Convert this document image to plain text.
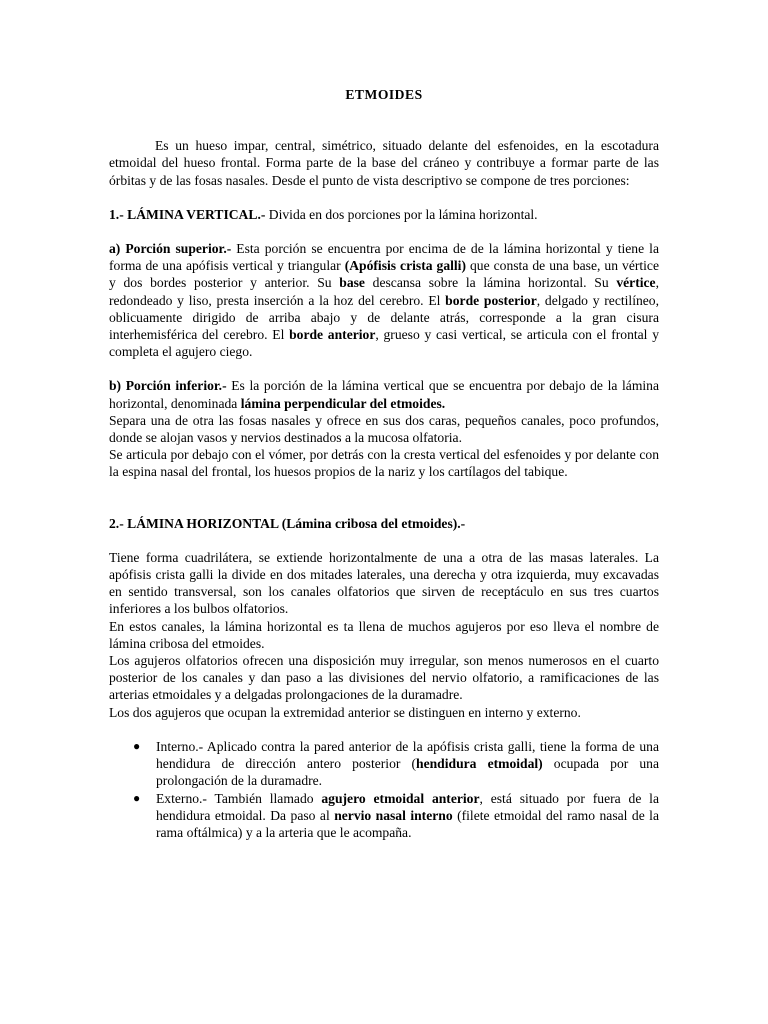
ETMOIDES

Es un hueso impar, central, simétrico, situado delante del esfenoides, en la escotadura etmoidal del hueso frontal. Forma parte de la base del cráneo y contribuye a formar parte de las órbitas y de las fosas nasales. Desde el punto de vista descriptivo se compone de tres porciones:

1.- LÁMINA VERTICAL.- Divida en dos porciones por la lámina horizontal.

a) Porción superior.- Esta porción se encuentra por encima de de la lámina horizontal y tiene la forma de una apófisis vertical y triangular (Apófisis crista galli) que consta de una base, un vértice y dos bordes posterior y anterior. Su base descansa sobre la lámina horizontal. Su vértice, redondeado y liso, presta inserción a la hoz del cerebro. El borde posterior, delgado y rectilíneo, oblicuamente dirigido de arriba abajo y de delante atrás, corresponde a la gran cisura interhemisférica del cerebro. El borde anterior, grueso y casi vertical, se articula con el frontal y completa el agujero ciego.

b) Porción inferior.- Es la porción de la lámina vertical que se encuentra por debajo de la lámina horizontal, denominada lámina perpendicular del etmoides.

Separa una de otra las fosas nasales y ofrece en sus dos caras, pequeños canales, poco profundos, donde se alojan vasos y nervios destinados a la mucosa olfatoria.

Se articula por debajo con el vómer, por detrás con la cresta vertical del esfenoides y por delante con la espina nasal del frontal, los huesos propios de la nariz y los cartílagos del tabique.

2.- LÁMINA HORIZONTAL (Lámina cribosa del etmoides).-

Tiene forma cuadrilátera, se extiende horizontalmente de una a otra de las masas laterales. La apófisis crista galli la divide en dos mitades laterales, una derecha y otra izquierda, muy excavadas en sentido transversal, son los canales olfatorios que sirven de receptáculo en sus tres cuartos inferiores a los bulbos olfatorios.

En estos canales, la lámina horizontal es ta llena de muchos agujeros por eso lleva el nombre de lámina cribosa del etmoides.

Los agujeros olfatorios ofrecen una disposición muy irregular, son menos numerosos en el cuarto posterior de los canales y dan paso a las divisiones del nervio olfatorio, a ramificaciones de las arterias etmoidales y a delgadas prolongaciones de la duramadre.

Los dos agujeros que ocupan la extremidad anterior se distinguen en interno y externo.

● Interno.- Aplicado contra la pared anterior de la apófisis crista galli, tiene la forma de una hendidura de dirección antero posterior (hendidura etmoidal) ocupada por una prolongación de la duramadre.
● Externo.- También llamado agujero etmoidal anterior, está situado por fuera de la hendidura etmoidal. Da paso al nervio nasal interno (filete etmoidal del ramo nasal de la rama oftálmica) y a la arteria que le acompaña.
